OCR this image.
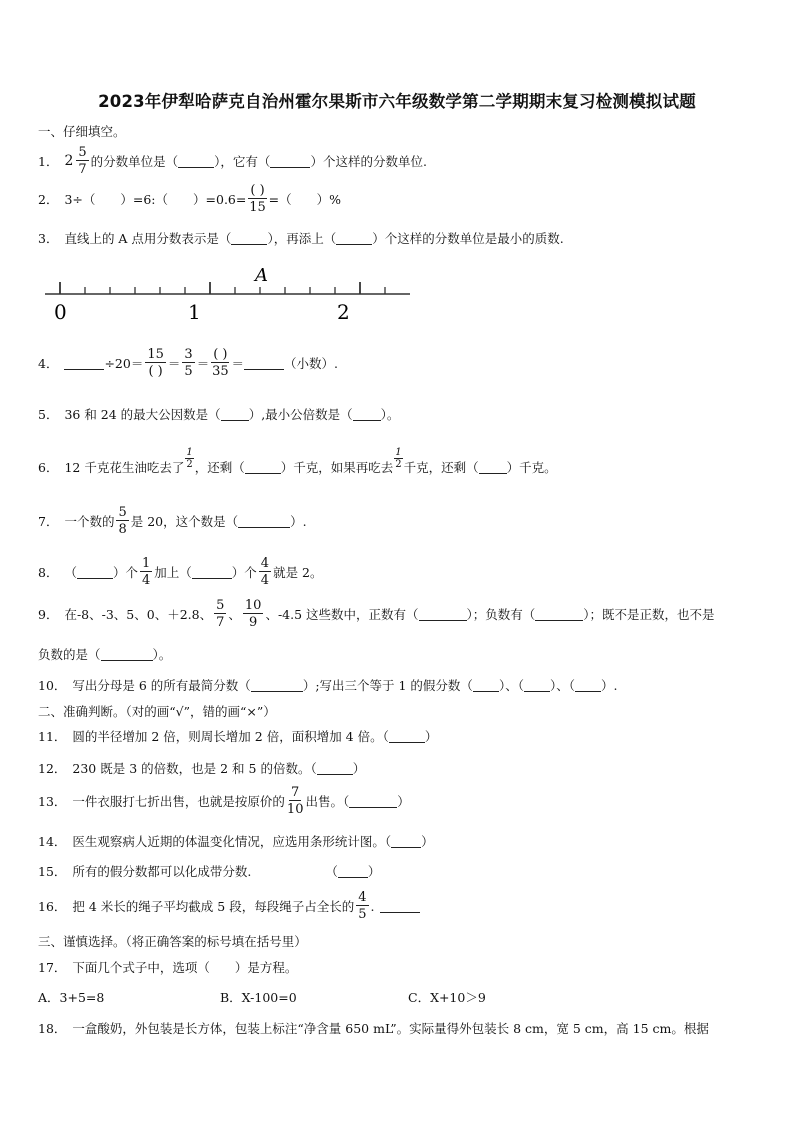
2023年伊犁哈萨克自治州霍尔果斯市六年级数学第二学期期末复习检测模拟试题
一、仔细填空。
1． $2 \frac{5}{7}$ 的分数单位是（	），它有（	）个这样的分数单位.
2． 3÷（　　）=6:（　　）$=0.6= \frac{( )}{15}$ =（　　）%
3． 直线上的 A 点用分数表示是（	），再添上（	）个这样的分数单位是最小的质数.
A
0	1	2
4．	$\div 20= \frac{15}{( )} = \frac{3}{5} = \frac{( )}{35}$ ＝	（小数）.
5． 36 和 24 的最大公因数是（ ）,最小公倍数是（ ）。
6． 12 千克花生油吃去了
1
2 ，还剩（	）千克，如果再吃去
1
2 千克，还剩（ ）千克。
7． 一个数的 $\frac{5}{8}$ 是 20，这个数是（	）.
8． （	）个 $\frac{1}{4}$ 加上（	）个 $\frac{4}{4}$ 就是 2。
9． 在-8、-3、5、0、＋2.8、 $\frac{5}{7}$ 、 $\frac{10}{9}$ 、-4.5 这些数中，正数有（	）；负数有（	）；既不是正数，也不是
负数的是（	）。
10． 写出分母是 6 的所有最简分数（	）;写出三个等于 1 的假分数（ ）、（ ）、（ ）.
二、准确判断。（对的画“√”，错的画“×”）
11． 圆的半径增加 2 倍，则周长增加 2 倍，面积增加 4 倍。（	）
12． 230 既是 3 的倍数，也是 2 和 5 的倍数。（	）
13． 一件衣服打七折出售，也就是按原价的 $\frac{7}{10}$ 出售。（	）
14． 医生观察病人近期的体温变化情况，应选用条形统计图。（ ）
15． 所有的假分数都可以化成带分数.	（ ）
16． 把 4 米长的绳子平均截成 5 段，每段绳子占全长的 $\frac{4}{5}$ .
三、谨慎选择。（将正确答案的标号填在括号里）
17． 下面几个式子中，选项（　　）是方程。
A．3+5=8	B．X-100=0	C．X+10＞9
18． 一盒酸奶，外包装是长方体，包装上标注“净含量 650 mL”。实际量得外包装长 8 cm，宽 5 cm，高 15 cm。根据
